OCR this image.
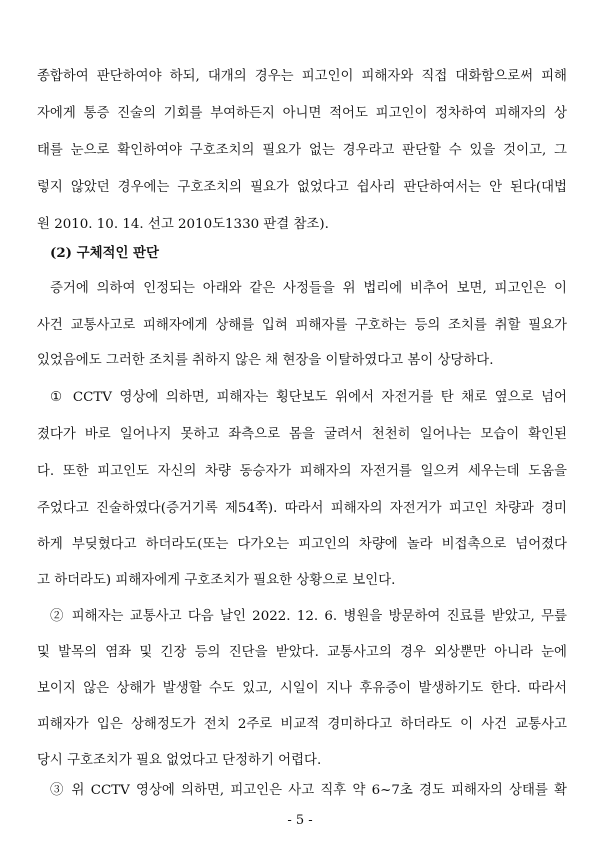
종합하여 판단하여야 하되, 대개의 경우는 피고인이 피해자와 직접 대화함으로써 피해
자에게 통증 진술의 기회를 부여하든지 아니면 적어도 피고인이 정차하여 피해자의 상
태를 눈으로 확인하여야 구호조치의 필요가 없는 경우라고 판단할 수 있을 것이고, 그
렇지 않았던 경우에는 구호조치의 필요가 없었다고 쉽사리 판단하여서는 안 된다(대법
원 2010. 10. 14. 선고 2010도1330 판결 참조).
(2) 구체적인 판단
증거에 의하여 인정되는 아래와 같은 사정들을 위 법리에 비추어 보면, 피고인은 이
사건 교통사고로 피해자에게 상해를 입혀 피해자를 구호하는 등의 조치를 취할 필요가
있었음에도 그러한 조치를 취하지 않은 채 현장을 이탈하였다고 봄이 상당하다.
① CCTV 영상에 의하면, 피해자는 횡단보도 위에서 자전거를 탄 채로 옆으로 넘어
졌다가 바로 일어나지 못하고 좌측으로 몸을 굴려서 천천히 일어나는 모습이 확인된
다. 또한 피고인도 자신의 차량 동승자가 피해자의 자전거를 일으켜 세우는데 도움을
주었다고 진술하였다(증거기록 제54쪽). 따라서 피해자의 자전거가 피고인 차량과 경미
하게 부딪혔다고 하더라도(또는 다가오는 피고인의 차량에 놀라 비접촉으로 넘어졌다
고 하더라도) 피해자에게 구호조치가 필요한 상황으로 보인다.
② 피해자는 교통사고 다음 날인 2022. 12. 6. 병원을 방문하여 진료를 받았고, 무릎
및 발목의 염좌 및 긴장 등의 진단을 받았다. 교통사고의 경우 외상뿐만 아니라 눈에
보이지 않은 상해가 발생할 수도 있고, 시일이 지나 후유증이 발생하기도 한다. 따라서
피해자가 입은 상해정도가 전치 2주로 비교적 경미하다고 하더라도 이 사건 교통사고
당시 구호조치가 필요 없었다고 단정하기 어렵다.
③ 위 CCTV 영상에 의하면, 피고인은 사고 직후 약 6~7초 경도 피해자의 상태를 확
- 5 -
